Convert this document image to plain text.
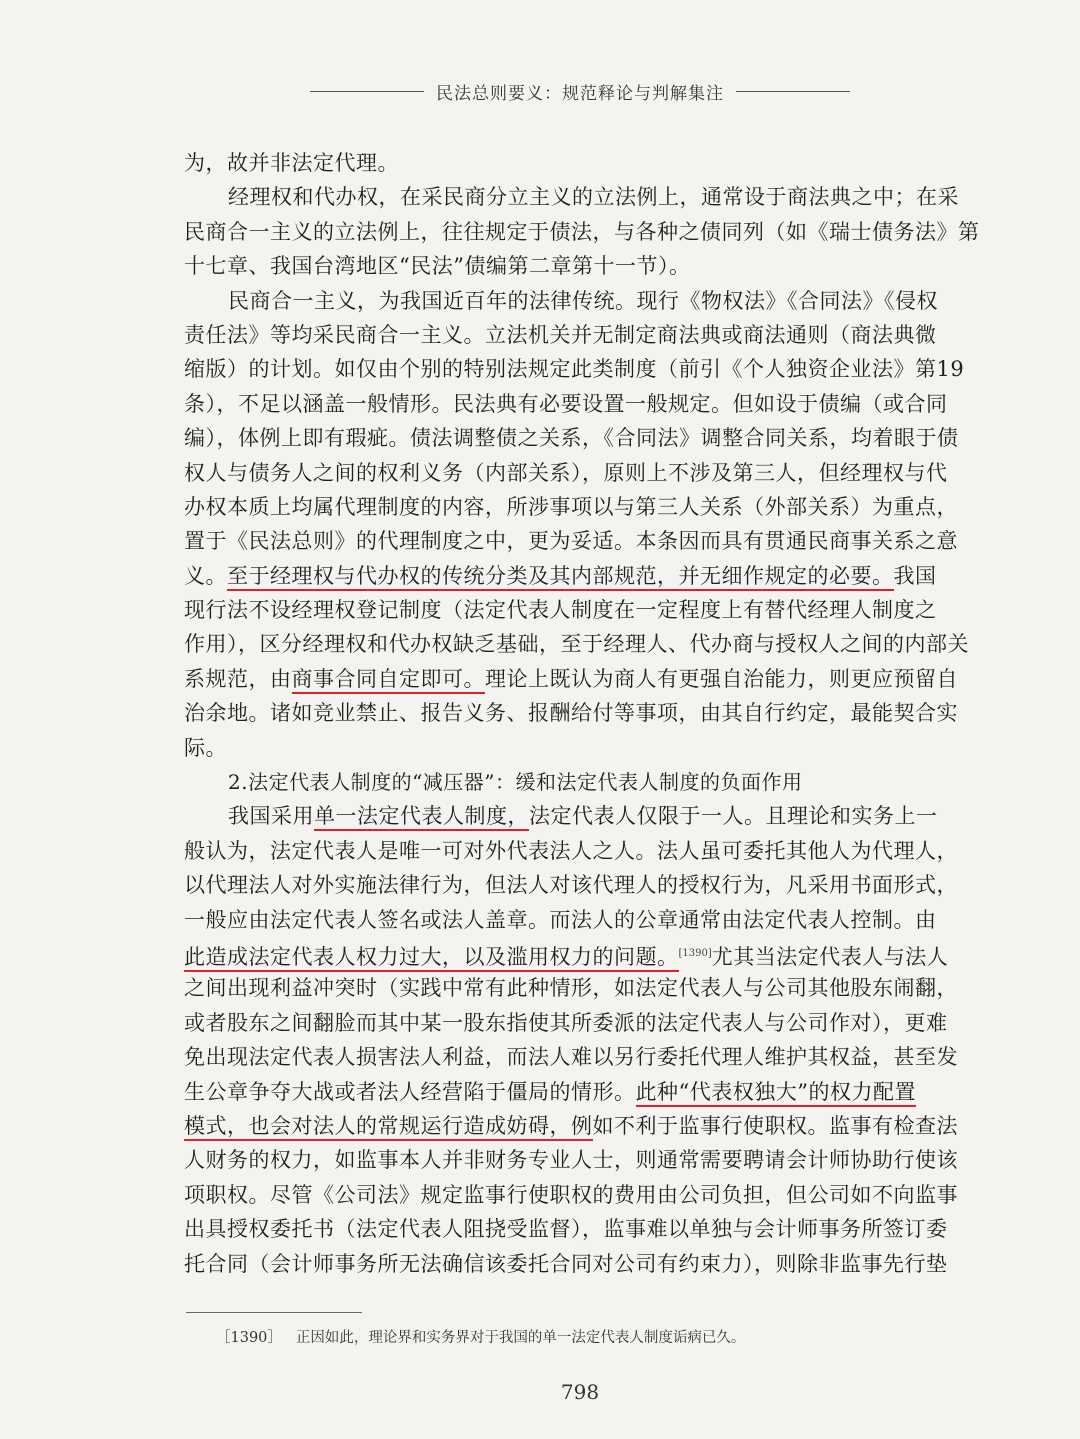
民法总则要义：规范释论与判解集注
为，故并非法定代理。
经理权和代办权，在采民商分立主义的立法例上，通常设于商法典之中；在采
民商合一主义的立法例上，往往规定于债法，与各种之债同列（如《瑞士债务法》第
十七章、我国台湾地区“民法”债编第二章第十一节）。
民商合一主义，为我国近百年的法律传统。现行《物权法》《合同法》《侵权
责任法》等均采民商合一主义。立法机关并无制定商法典或商法通则（商法典微
缩版）的计划。如仅由个别的特别法规定此类制度（前引《个人独资企业法》第19
条），不足以涵盖一般情形。民法典有必要设置一般规定。但如设于债编（或合同
编），体例上即有瑕疵。债法调整债之关系，《合同法》调整合同关系，均着眼于债
权人与债务人之间的权利义务（内部关系），原则上不涉及第三人，但经理权与代
办权本质上均属代理制度的内容，所涉事项以与第三人关系（外部关系）为重点，
置于《民法总则》的代理制度之中，更为妥适。本条因而具有贯通民商事关系之意
义。至于经理权与代办权的传统分类及其内部规范，并无细作规定的必要。我国
现行法不设经理权登记制度（法定代表人制度在一定程度上有替代经理人制度之
作用），区分经理权和代办权缺乏基础，至于经理人、代办商与授权人之间的内部关
系规范，由商事合同自定即可。理论上既认为商人有更强自治能力，则更应预留自
治余地。诸如竞业禁止、报告义务、报酬给付等事项，由其自行约定，最能契合实
际。
2.法定代表人制度的“减压器”：缓和法定代表人制度的负面作用
我国采用单一法定代表人制度，法定代表人仅限于一人。且理论和实务上一
般认为，法定代表人是唯一可对外代表法人之人。法人虽可委托其他人为代理人，
以代理法人对外实施法律行为，但法人对该代理人的授权行为，凡采用书面形式，
一般应由法定代表人签名或法人盖章。而法人的公章通常由法定代表人控制。由
此造成法定代表人权力过大，以及滥用权力的问题。[1390]尤其当法定代表人与法人
之间出现利益冲突时（实践中常有此种情形，如法定代表人与公司其他股东闹翻，
或者股东之间翻脸而其中某一股东指使其所委派的法定代表人与公司作对），更难
免出现法定代表人损害法人利益，而法人难以另行委托代理人维护其权益，甚至发
生公章争夺大战或者法人经营陷于僵局的情形。此种“代表权独大”的权力配置
模式，也会对法人的常规运行造成妨碍，例如不利于监事行使职权。监事有检查法
人财务的权力，如监事本人并非财务专业人士，则通常需要聘请会计师协助行使该
项职权。尽管《公司法》规定监事行使职权的费用由公司负担，但公司如不向监事
出具授权委托书（法定代表人阻挠受监督），监事难以单独与会计师事务所签订委
托合同（会计师事务所无法确信该委托合同对公司有约束力），则除非监事先行垫
［1390］ 正因如此，理论界和实务界对于我国的单一法定代表人制度诟病已久。
798
